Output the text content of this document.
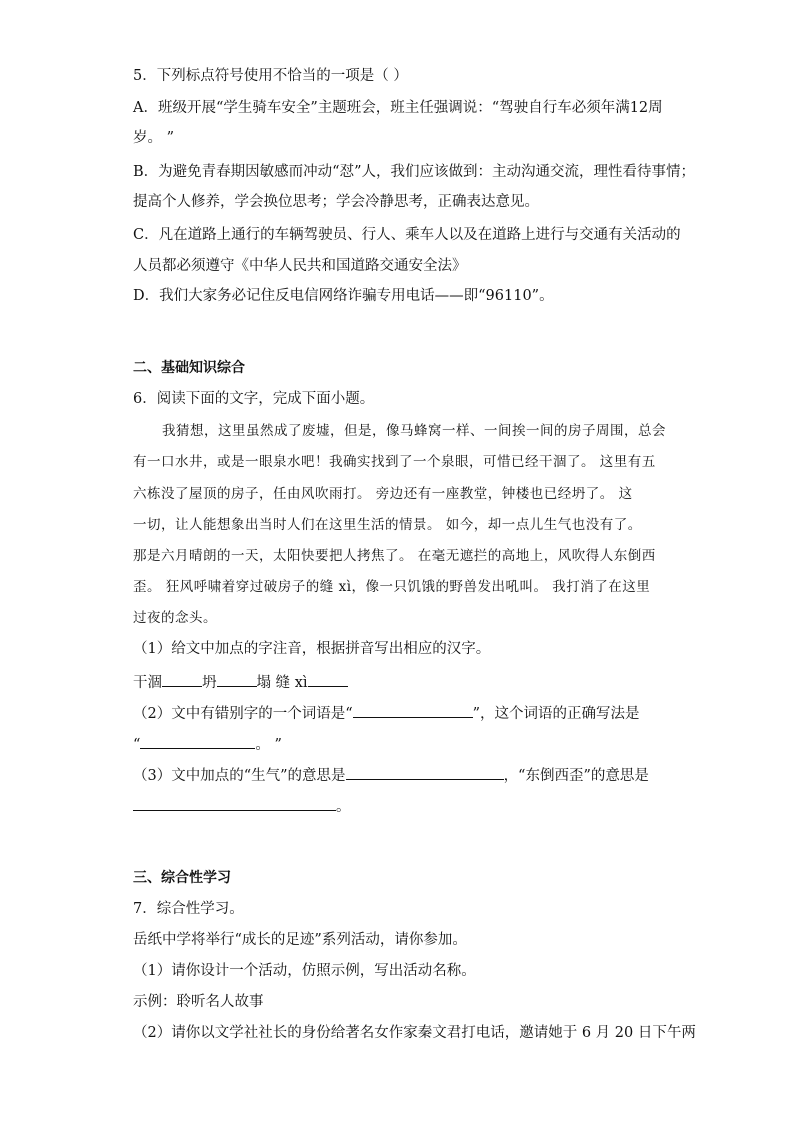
5．下列标点符号使用不恰当的一项是（ ）
A．班级开展“学生骑车安全”主题班会，班主任强调说：“驾驶自行车必须年满12周
岁。 ”
B．为避免青春期因敏感而冲动“怼”人，我们应该做到：主动沟通交流，理性看待事情；
提高个人修养，学会换位思考；学会冷静思考，正确表达意见。
C．凡在道路上通行的车辆驾驶员、行人、乘车人以及在道路上进行与交通有关活动的
人员都必须遵守《中华人民共和国道路交通安全法》
D．我们大家务必记住反电信网络诈骗专用电话——即“96110”。
二、基础知识综合
6．阅读下面的文字，完成下面小题。
我猜想，这里虽然成了废墟，但是，像马蜂窝一样、一间挨一间的房子周围，总会
有一口水井，或是一眼泉水吧！我确实找到了一个泉眼，可惜已经干涸了。 这里有五
六栋没了屋顶的房子，任由风吹雨打。 旁边还有一座教堂，钟楼也已经坍了。 这
一切，让人能想象出当时人们在这里生活的情景。 如今，却一点儿生气也没有了。
那是六月晴朗的一天，太阳快要把人拷焦了。 在毫无遮拦的高地上，风吹得人东倒西
歪。 狂风呼啸着穿过破房子的缝 xì，像一只饥饿的野兽发出吼叫。 我打消了在这里
过夜的念头。
（1）给文中加点的字注音，根据拼音写出相应的汉字。
干涸	坍	塌 缝 xì
（2）文中有错别字的一个词语是“	”，这个词语的正确写法是
“	。 ”
（3）文中加点的“生气”的意思是	，“东倒西歪”的意思是
。
三、综合性学习
7．综合性学习。
岳纸中学将举行“成长的足迹”系列活动，请你参加。
（1）请你设计一个活动，仿照示例，写出活动名称。
示例：聆听名人故事
（2）请你以文学社社长的身份给著名女作家秦文君打电话，邀请她于 6 月 20 日下午两
